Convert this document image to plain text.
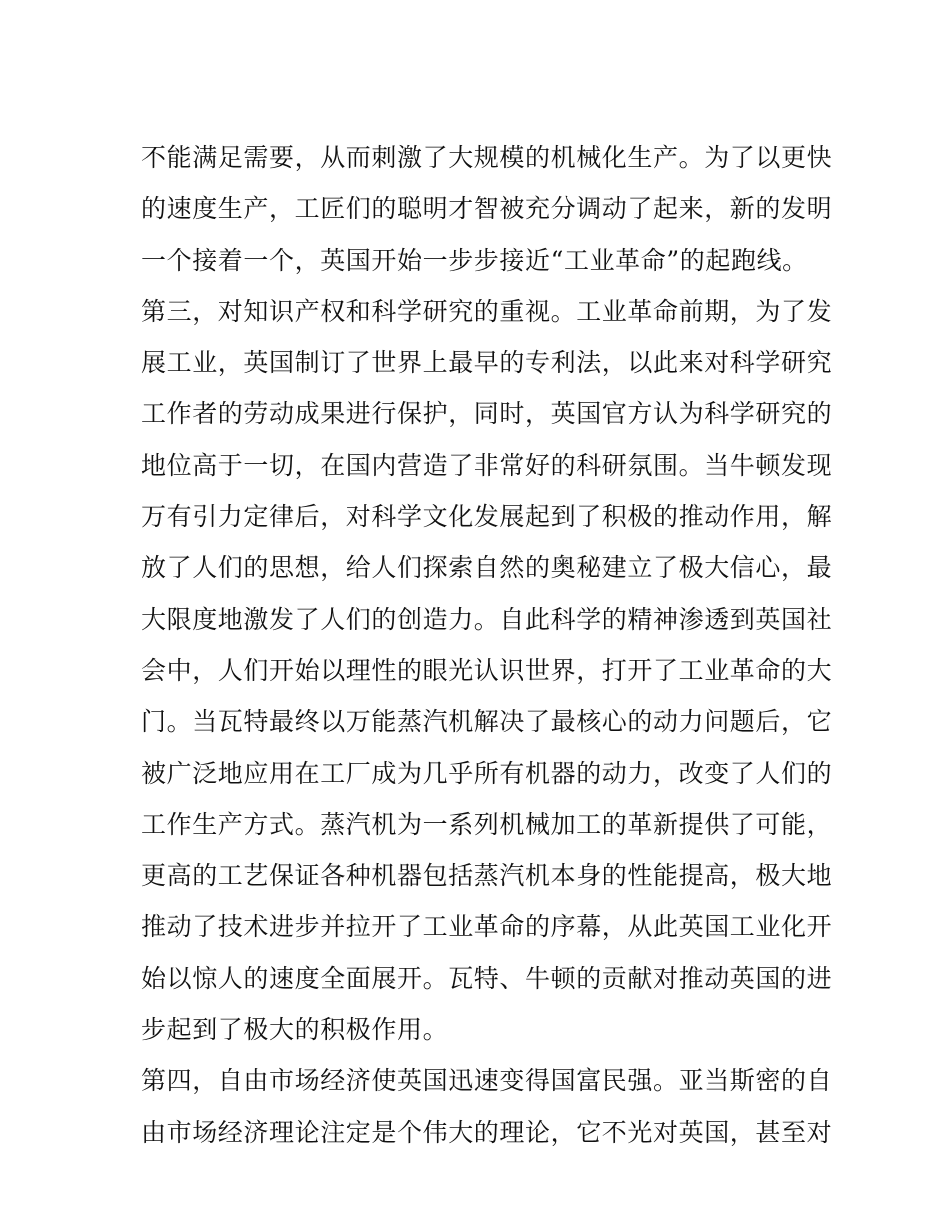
不能满足需要，从而刺激了大规模的机械化生产。为了以更快
的速度生产，工匠们的聪明才智被充分调动了起来，新的发明
一个接着一个，英国开始一步步接近“工业革命”的起跑线。
第三，对知识产权和科学研究的重视。工业革命前期，为了发
展工业，英国制订了世界上最早的专利法，以此来对科学研究
工作者的劳动成果进行保护，同时，英国官方认为科学研究的
地位高于一切，在国内营造了非常好的科研氛围。当牛顿发现
万有引力定律后，对科学文化发展起到了积极的推动作用，解
放了人们的思想，给人们探索自然的奥秘建立了极大信心，最
大限度地激发了人们的创造力。自此科学的精神渗透到英国社
会中，人们开始以理性的眼光认识世界，打开了工业革命的大
门。当瓦特最终以万能蒸汽机解决了最核心的动力问题后，它
被广泛地应用在工厂成为几乎所有机器的动力，改变了人们的
工作生产方式。蒸汽机为一系列机械加工的革新提供了可能，
更高的工艺保证各种机器包括蒸汽机本身的性能提高，极大地
推动了技术进步并拉开了工业革命的序幕，从此英国工业化开
始以惊人的速度全面展开。瓦特、牛顿的贡献对推动英国的进
步起到了极大的积极作用。
第四，自由市场经济使英国迅速变得国富民强。亚当斯密的自
由市场经济理论注定是个伟大的理论，它不光对英国，甚至对
